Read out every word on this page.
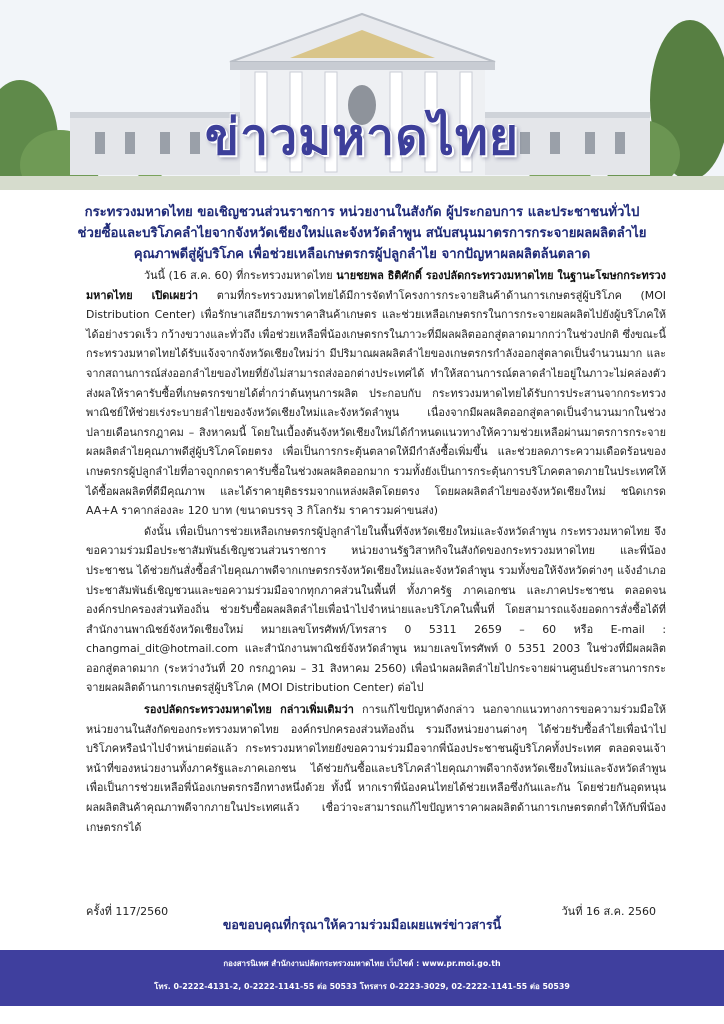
ข่าวมหาดไทย
กระทรวงมหาดไทย ขอเชิญชวนส่วนราชการ หน่วยงานในสังกัด ผู้ประกอบการ และประชาชนทั่วไป
ช่วยซื้อและบริโภคลำไยจากจังหวัดเชียงใหม่และจังหวัดลำพูน สนับสนุนมาตรการกระจายผลผลิตลำไย
คุณภาพดีสู่ผู้บริโภค เพื่อช่วยเหลือเกษตรกรผู้ปลูกลำไย จากปัญหาผลผลิตล้นตลาด

วันนี้ (16 ส.ค. 60) ที่กระทรวงมหาดไทย นายชยพล ธิติศักดิ์ รองปลัดกระทรวงมหาดไทย ในฐานะโฆษกกระทรวงมหาดไทย เปิดเผยว่า ตามที่กระทรวงมหาดไทยได้มีการจัดทำโครงการกระจายสินค้าด้านการเกษตรสู่ผู้บริโภค (MOI Distribution Center) เพื่อรักษาเสถียรภาพราคาสินค้าเกษตร และช่วยเหลือเกษตรกรในการกระจายผลผลิตไปยังผู้บริโภคให้ได้อย่างรวดเร็ว กว้างขวางและทั่วถึง เพื่อช่วยเหลือพี่น้องเกษตรกรในภาวะที่มีผลผลิตออกสู่ตลาดมากกว่าในช่วงปกติ ซึ่งขณะนี้กระทรวงมหาดไทยได้รับแจ้งจากจังหวัดเชียงใหม่ว่า มีปริมาณผลผลิตลำไยของเกษตรกรกำลังออกสู่ตลาดเป็นจำนวนมาก และจากสถานการณ์ส่งออกลำไยของไทยที่ยังไม่สามารถส่งออกต่างประเทศได้ ทำให้สถานการณ์ตลาดลำไยอยู่ในภาวะไม่คล่องตัว ส่งผลให้ราคารับซื้อที่เกษตรกรขายได้ต่ำกว่าต้นทุนการผลิต ประกอบกับ กระทรวงมหาดไทยได้รับการประสานจากกระทรวงพาณิชย์ให้ช่วยเร่งระบายลำไยของจังหวัดเชียงใหม่และจังหวัดลำพูน เนื่องจากมีผลผลิตออกสู่ตลาดเป็นจำนวนมากในช่วงปลายเดือนกรกฎาคม – สิงหาคมนี้ โดยในเบื้องต้นจังหวัดเชียงใหม่ได้กำหนดแนวทางให้ความช่วยเหลือผ่านมาตรการกระจายผลผลิตลำไยคุณภาพดีสู่ผู้บริโภคโดยตรง เพื่อเป็นการกระตุ้นตลาดให้มีกำลังซื้อเพิ่มขึ้น และช่วยลดภาระความเดือดร้อนของเกษตรกรผู้ปลูกลำไยที่อาจถูกกดราคารับซื้อในช่วงผลผลิตออกมาก รวมทั้งยังเป็นการกระตุ้นการบริโภคตลาดภายในประเทศให้ได้ซื้อผลผลิตที่ดีมีคุณภาพ และได้ราคายุติธรรมจากแหล่งผลิตโดยตรง โดยผลผลิตลำไยของจังหวัดเชียงใหม่ ชนิดเกรด AA+A ราคากล่องละ 120 บาท (ขนาดบรรจุ 3 กิโลกรัม ราคารวมค่าขนส่ง)

ดังนั้น เพื่อเป็นการช่วยเหลือเกษตรกรผู้ปลูกลำไยในพื้นที่จังหวัดเชียงใหม่และจังหวัดลำพูน กระทรวงมหาดไทย จึงขอความร่วมมือประชาสัมพันธ์เชิญชวนส่วนราชการ หน่วยงานรัฐวิสาหกิจในสังกัดของกระทรวงมหาดไทย และพี่น้องประชาชน ได้ช่วยกันสั่งซื้อลำไยคุณภาพดีจากเกษตรกรจังหวัดเชียงใหม่และจังหวัดลำพูน รวมทั้งขอให้จังหวัดต่างๆ แจ้งอำเภอประชาสัมพันธ์เชิญชวนและขอความร่วมมือจากทุกภาคส่วนในพื้นที่ ทั้งภาครัฐ ภาคเอกชน และภาคประชาชน ตลอดจนองค์กรปกครองส่วนท้องถิ่น ช่วยรับซื้อผลผลิตลำไยเพื่อนำไปจำหน่ายและบริโภคในพื้นที่ โดยสามารถแจ้งยอดการสั่งซื้อได้ที่สำนักงานพาณิชย์จังหวัดเชียงใหม่ หมายเลขโทรศัพท์/โทรสาร 0 5311 2659 – 60 หรือ E-mail : changmai_dit@hotmail.com และสำนักงานพาณิชย์จังหวัดลำพูน หมายเลขโทรศัพท์ 0 5351 2003 ในช่วงที่มีผลผลิตออกสู่ตลาดมาก (ระหว่างวันที่ 20 กรกฎาคม – 31 สิงหาคม 2560) เพื่อนำผลผลิตลำไยไปกระจายผ่านศูนย์ประสานการกระจายผลผลิตด้านการเกษตรสู่ผู้บริโภค (MOI Distribution Center) ต่อไป

รองปลัดกระทรวงมหาดไทย กล่าวเพิ่มเติมว่า การแก้ไขปัญหาดังกล่าว นอกจากแนวทางการขอความร่วมมือให้หน่วยงานในสังกัดของกระทรวงมหาดไทย องค์กรปกครองส่วนท้องถิ่น รวมถึงหน่วยงานต่างๆ ได้ช่วยรับซื้อลำไยเพื่อนำไปบริโภคหรือนำไปจำหน่ายต่อแล้ว กระทรวงมหาดไทยยังขอความร่วมมือจากพี่น้องประชาชนผู้บริโภคทั้งประเทศ ตลอดจนเจ้าหน้าที่ของหน่วยงานทั้งภาครัฐและภาคเอกชน ได้ช่วยกันซื้อและบริโภคลำไยคุณภาพดีจากจังหวัดเชียงใหม่และจังหวัดลำพูน เพื่อเป็นการช่วยเหลือพี่น้องเกษตรกรอีกทางหนึ่งด้วย ทั้งนี้ หากเราพี่น้องคนไทยได้ช่วยเหลือซึ่งกันและกัน โดยช่วยกันอุดหนุนผลผลิตสินค้าคุณภาพดีจากภายในประเทศแล้ว เชื่อว่าจะสามารถแก้ไขปัญหาราคาผลผลิตด้านการเกษตรตกต่ำให้กับพี่น้องเกษตรกรได้

ครั้งที่ 117/2560	วันที่ 16 ส.ค. 2560
ขอขอบคุณที่กรุณาให้ความร่วมมือเผยแพร่ข่าวสารนี้
กองสารนิเทศ สำนักงานปลัดกระทรวงมหาดไทย เว็บไซต์ : www.pr.moi.go.th
โทร. 0-2222-4131-2, 0-2222-1141-55 ต่อ 50533 โทรสาร 0-2223-3029, 02-2222-1141-55 ต่อ 50539
